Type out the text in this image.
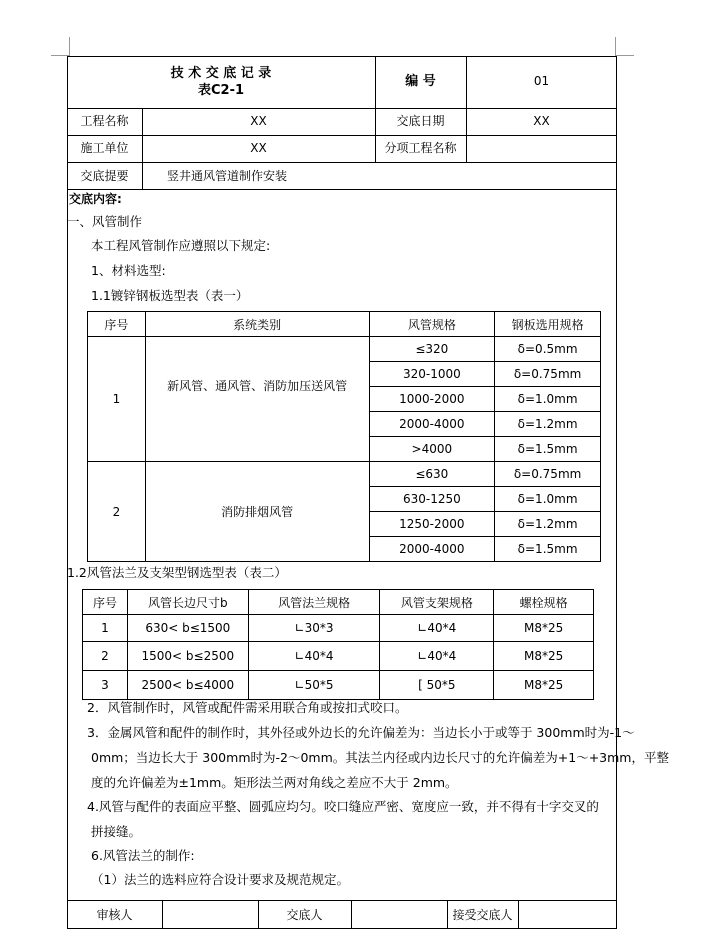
技 术 交 底 记 录
表C2-1
编 号	01
工程名称	XX	交底日期	XX
施工单位	XX	分项工程名称
交底提要	竖井通风管道制作安装
交底内容:
一、风管制作
本工程风管制作应遵照以下规定:
1、材料选型:
1.1镀锌钢板选型表（表一）
序号	系统类别	风管规格	钢板选用规格
1	新风管、通风管、消防加压送风管	≤320	δ=0.5mm
		320-1000	δ=0.75mm
		1000-2000	δ=1.0mm
		2000-4000	δ=1.2mm
		>4000	δ=1.5mm
2	消防排烟风管	≤630	δ=0.75mm
		630-1250	δ=1.0mm
		1250-2000	δ=1.2mm
		2000-4000	δ=1.5mm
1.2风管法兰及支架型钢选型表（表二）
序号	风管长边尺寸b	风管法兰规格	风管支架规格	螺栓规格
1	630< b≤1500	∟30*3	∟40*4	M8*25
2	1500< b≤2500	∟40*4	∟40*4	M8*25
3	2500< b≤4000	∟50*5	[ 50*5	M8*25
2．风管制作时，风管或配件需采用联合角或按扣式咬口。
3．金属风管和配件的制作时，其外径或外边长的允许偏差为：当边长小于或等于 300mm时为-1～
0mm；当边长大于 300mm时为-2～0mm。其法兰内径或内边长尺寸的允许偏差为+1～+3mm，平整
度的允许偏差为±1mm。矩形法兰两对角线之差应不大于 2mm。
4.风管与配件的表面应平整、圆弧应均匀。咬口缝应严密、宽度应一致，并不得有十字交叉的
拼接缝。
6.风管法兰的制作:
（1）法兰的选料应符合设计要求及规范规定。
审核人	交底人	接受交底人
